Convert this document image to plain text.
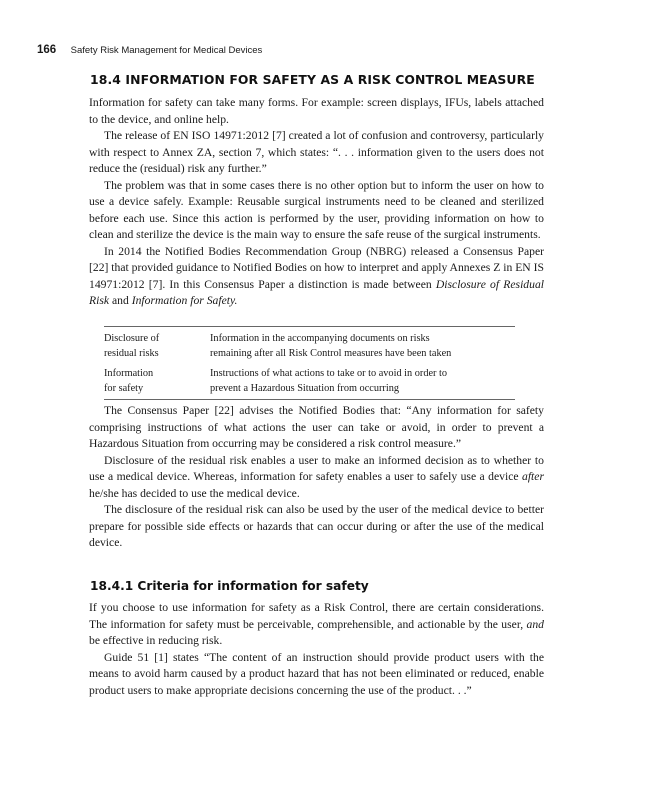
166 Safety Risk Management for Medical Devices
18.4 INFORMATION FOR SAFETY AS A RISK CONTROL MEASURE

Information for safety can take many forms. For example: screen displays, IFUs, labels attached to the device, and online help.

The release of EN ISO 14971:2012 [7] created a lot of confusion and controversy, particularly with respect to Annex ZA, section 7, which states: “. . . information given to the users does not reduce the (residual) risk any further.”

The problem was that in some cases there is no other option but to inform the user on how to use a device safely. Example: Reusable surgical instruments need to be cleaned and sterilized before each use. Since this action is performed by the user, providing information on how to clean and sterilize the device is the main way to ensure the safe reuse of the surgical instruments.

In 2014 the Notified Bodies Recommendation Group (NBRG) released a Consensus Paper [22] that provided guidance to Notified Bodies on how to interpret and apply Annexes Z in EN IS 14971:2012 [7]. In this Consensus Paper a distinction is made between Disclosure of Residual Risk and Information for Safety.

Disclosure of
residual risks
Information in the accompanying documents on risks
remaining after all Risk Control measures have been taken
Information
for safety
Instructions of what actions to take or to avoid in order to
prevent a Hazardous Situation from occurring

The Consensus Paper [22] advises the Notified Bodies that: “Any information for safety comprising instructions of what actions the user can take or avoid, in order to prevent a Hazardous Situation from occurring may be considered a risk control measure.”

Disclosure of the residual risk enables a user to make an informed decision as to whether to use a medical device. Whereas, information for safety enables a user to safely use a device after he/she has decided to use the medical device.

The disclosure of the residual risk can also be used by the user of the medical device to better prepare for possible side effects or hazards that can occur during or after the use of the medical device.

18.4.1 Criteria for information for safety

If you choose to use information for safety as a Risk Control, there are certain considerations. The information for safety must be perceivable, comprehensible, and actionable by the user, and be effective in reducing risk.

Guide 51 [1] states “The content of an instruction should provide product users with the means to avoid harm caused by a product hazard that has not been eliminated or reduced, enable product users to make appropriate decisions concerning the use of the product. . .”
